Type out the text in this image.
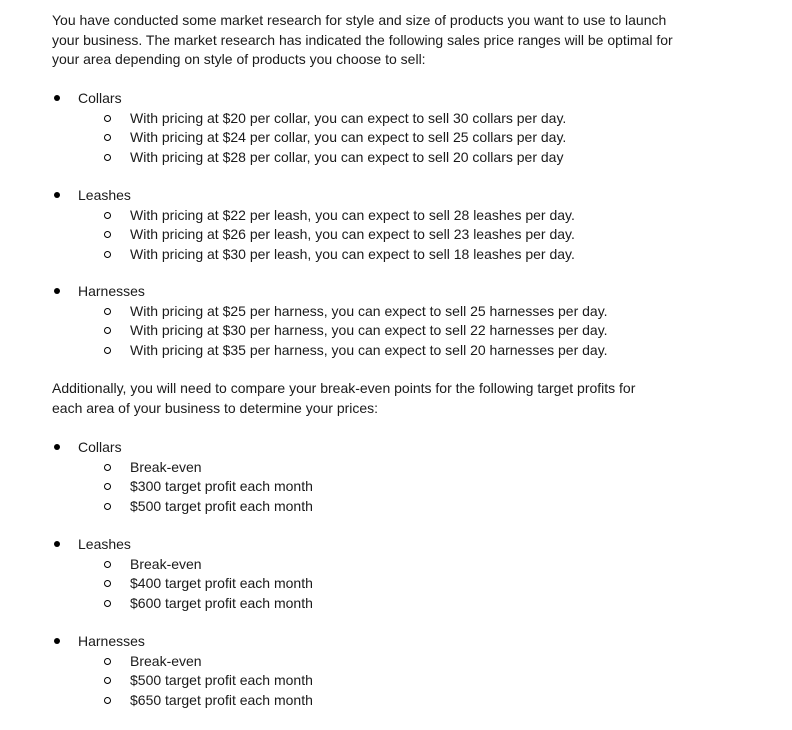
You have conducted some market research for style and size of products you want to use to launch
your business. The market research has indicated the following sales price ranges will be optimal for
your area depending on style of products you choose to sell:

Collars
With pricing at $20 per collar, you can expect to sell 30 collars per day.
With pricing at $24 per collar, you can expect to sell 25 collars per day.
With pricing at $28 per collar, you can expect to sell 20 collars per day
Leashes
With pricing at $22 per leash, you can expect to sell 28 leashes per day.
With pricing at $26 per leash, you can expect to sell 23 leashes per day.
With pricing at $30 per leash, you can expect to sell 18 leashes per day.
Harnesses
With pricing at $25 per harness, you can expect to sell 25 harnesses per day.
With pricing at $30 per harness, you can expect to sell 22 harnesses per day.
With pricing at $35 per harness, you can expect to sell 20 harnesses per day.

Additionally, you will need to compare your break-even points for the following target profits for
each area of your business to determine your prices:

Collars
Break-even
$300 target profit each month
$500 target profit each month
Leashes
Break-even
$400 target profit each month
$600 target profit each month
Harnesses
Break-even
$500 target profit each month
$650 target profit each month
